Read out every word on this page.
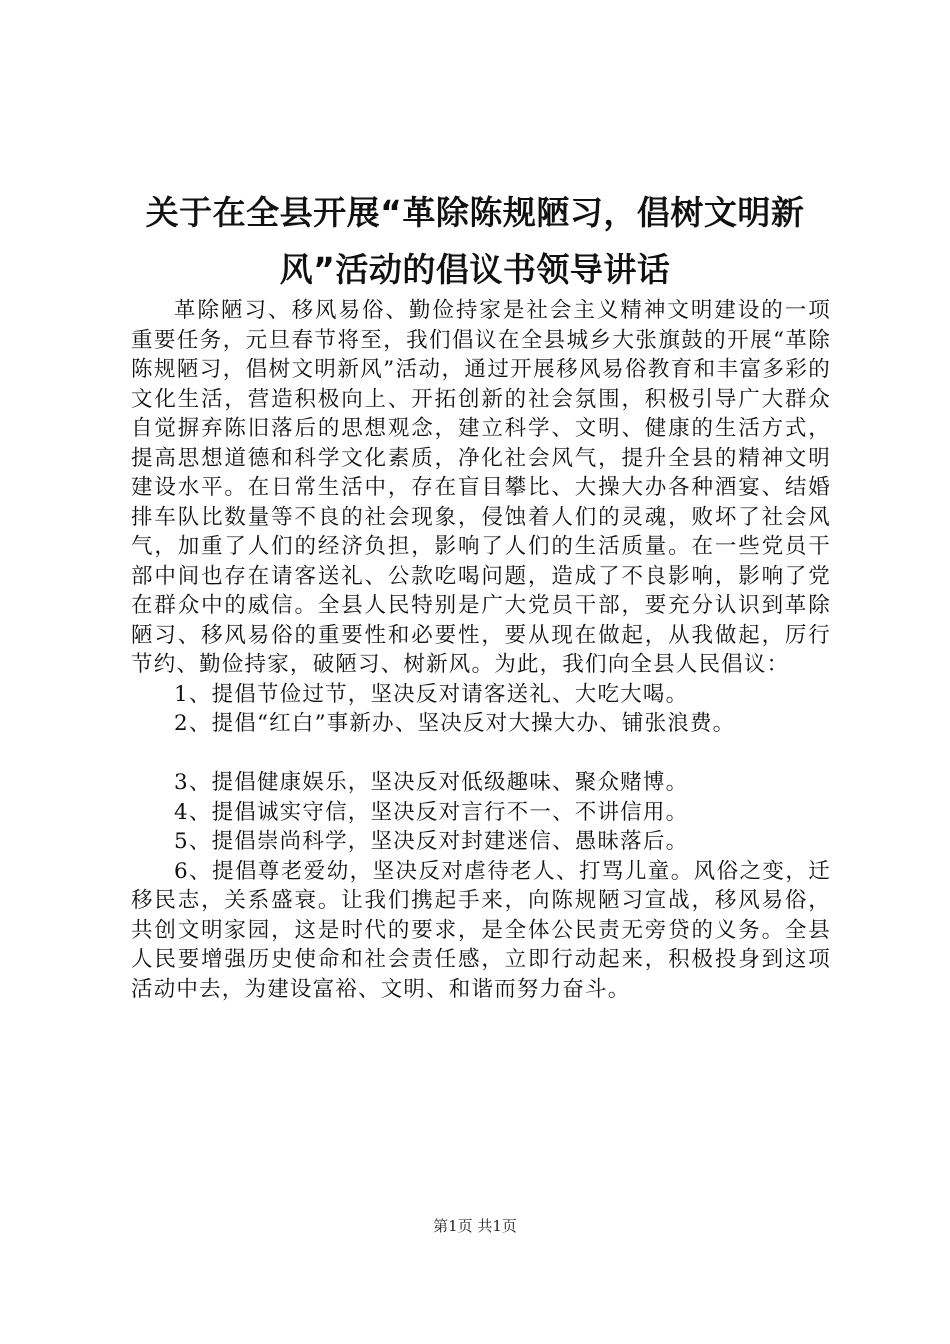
关于在全县开展“革除陈规陋习，倡树文明新
风”活动的倡议书领导讲话

革除陋习、移风易俗、勤俭持家是社会主义精神文明建设的一项重要任务，元旦春节将至，我们倡议在全县城乡大张旗鼓的开展“革除陈规陋习，倡树文明新风”活动，通过开展移风易俗教育和丰富多彩的文化生活，营造积极向上、开拓创新的社会氛围，积极引导广大群众自觉摒弃陈旧落后的思想观念，建立科学、文明、健康的生活方式，提高思想道德和科学文化素质，净化社会风气，提升全县的精神文明建设水平。在日常生活中，存在盲目攀比、大操大办各种酒宴、结婚排车队比数量等不良的社会现象，侵蚀着人们的灵魂，败坏了社会风气，加重了人们的经济负担，影响了人们的生活质量。在一些党员干部中间也存在请客送礼、公款吃喝问题，造成了不良影响，影响了党在群众中的威信。全县人民特别是广大党员干部，要充分认识到革除陋习、移风易俗的重要性和必要性，要从现在做起，从我做起，厉行节约、勤俭持家，破陋习、树新风。为此，我们向全县人民倡议：

1、提倡节俭过节，坚决反对请客送礼、大吃大喝。

2、提倡“红白”事新办、坚决反对大操大办、铺张浪费。

3、提倡健康娱乐，坚决反对低级趣味、聚众赌博。

4、提倡诚实守信，坚决反对言行不一、不讲信用。

5、提倡崇尚科学，坚决反对封建迷信、愚昧落后。

6、提倡尊老爱幼，坚决反对虐待老人、打骂儿童。风俗之变，迁移民志，关系盛衰。让我们携起手来，向陈规陋习宣战，移风易俗，共创文明家园，这是时代的要求，是全体公民责无旁贷的义务。全县人民要增强历史使命和社会责任感，立即行动起来，积极投身到这项活动中去，为建设富裕、文明、和谐而努力奋斗。

第1页 共1页
